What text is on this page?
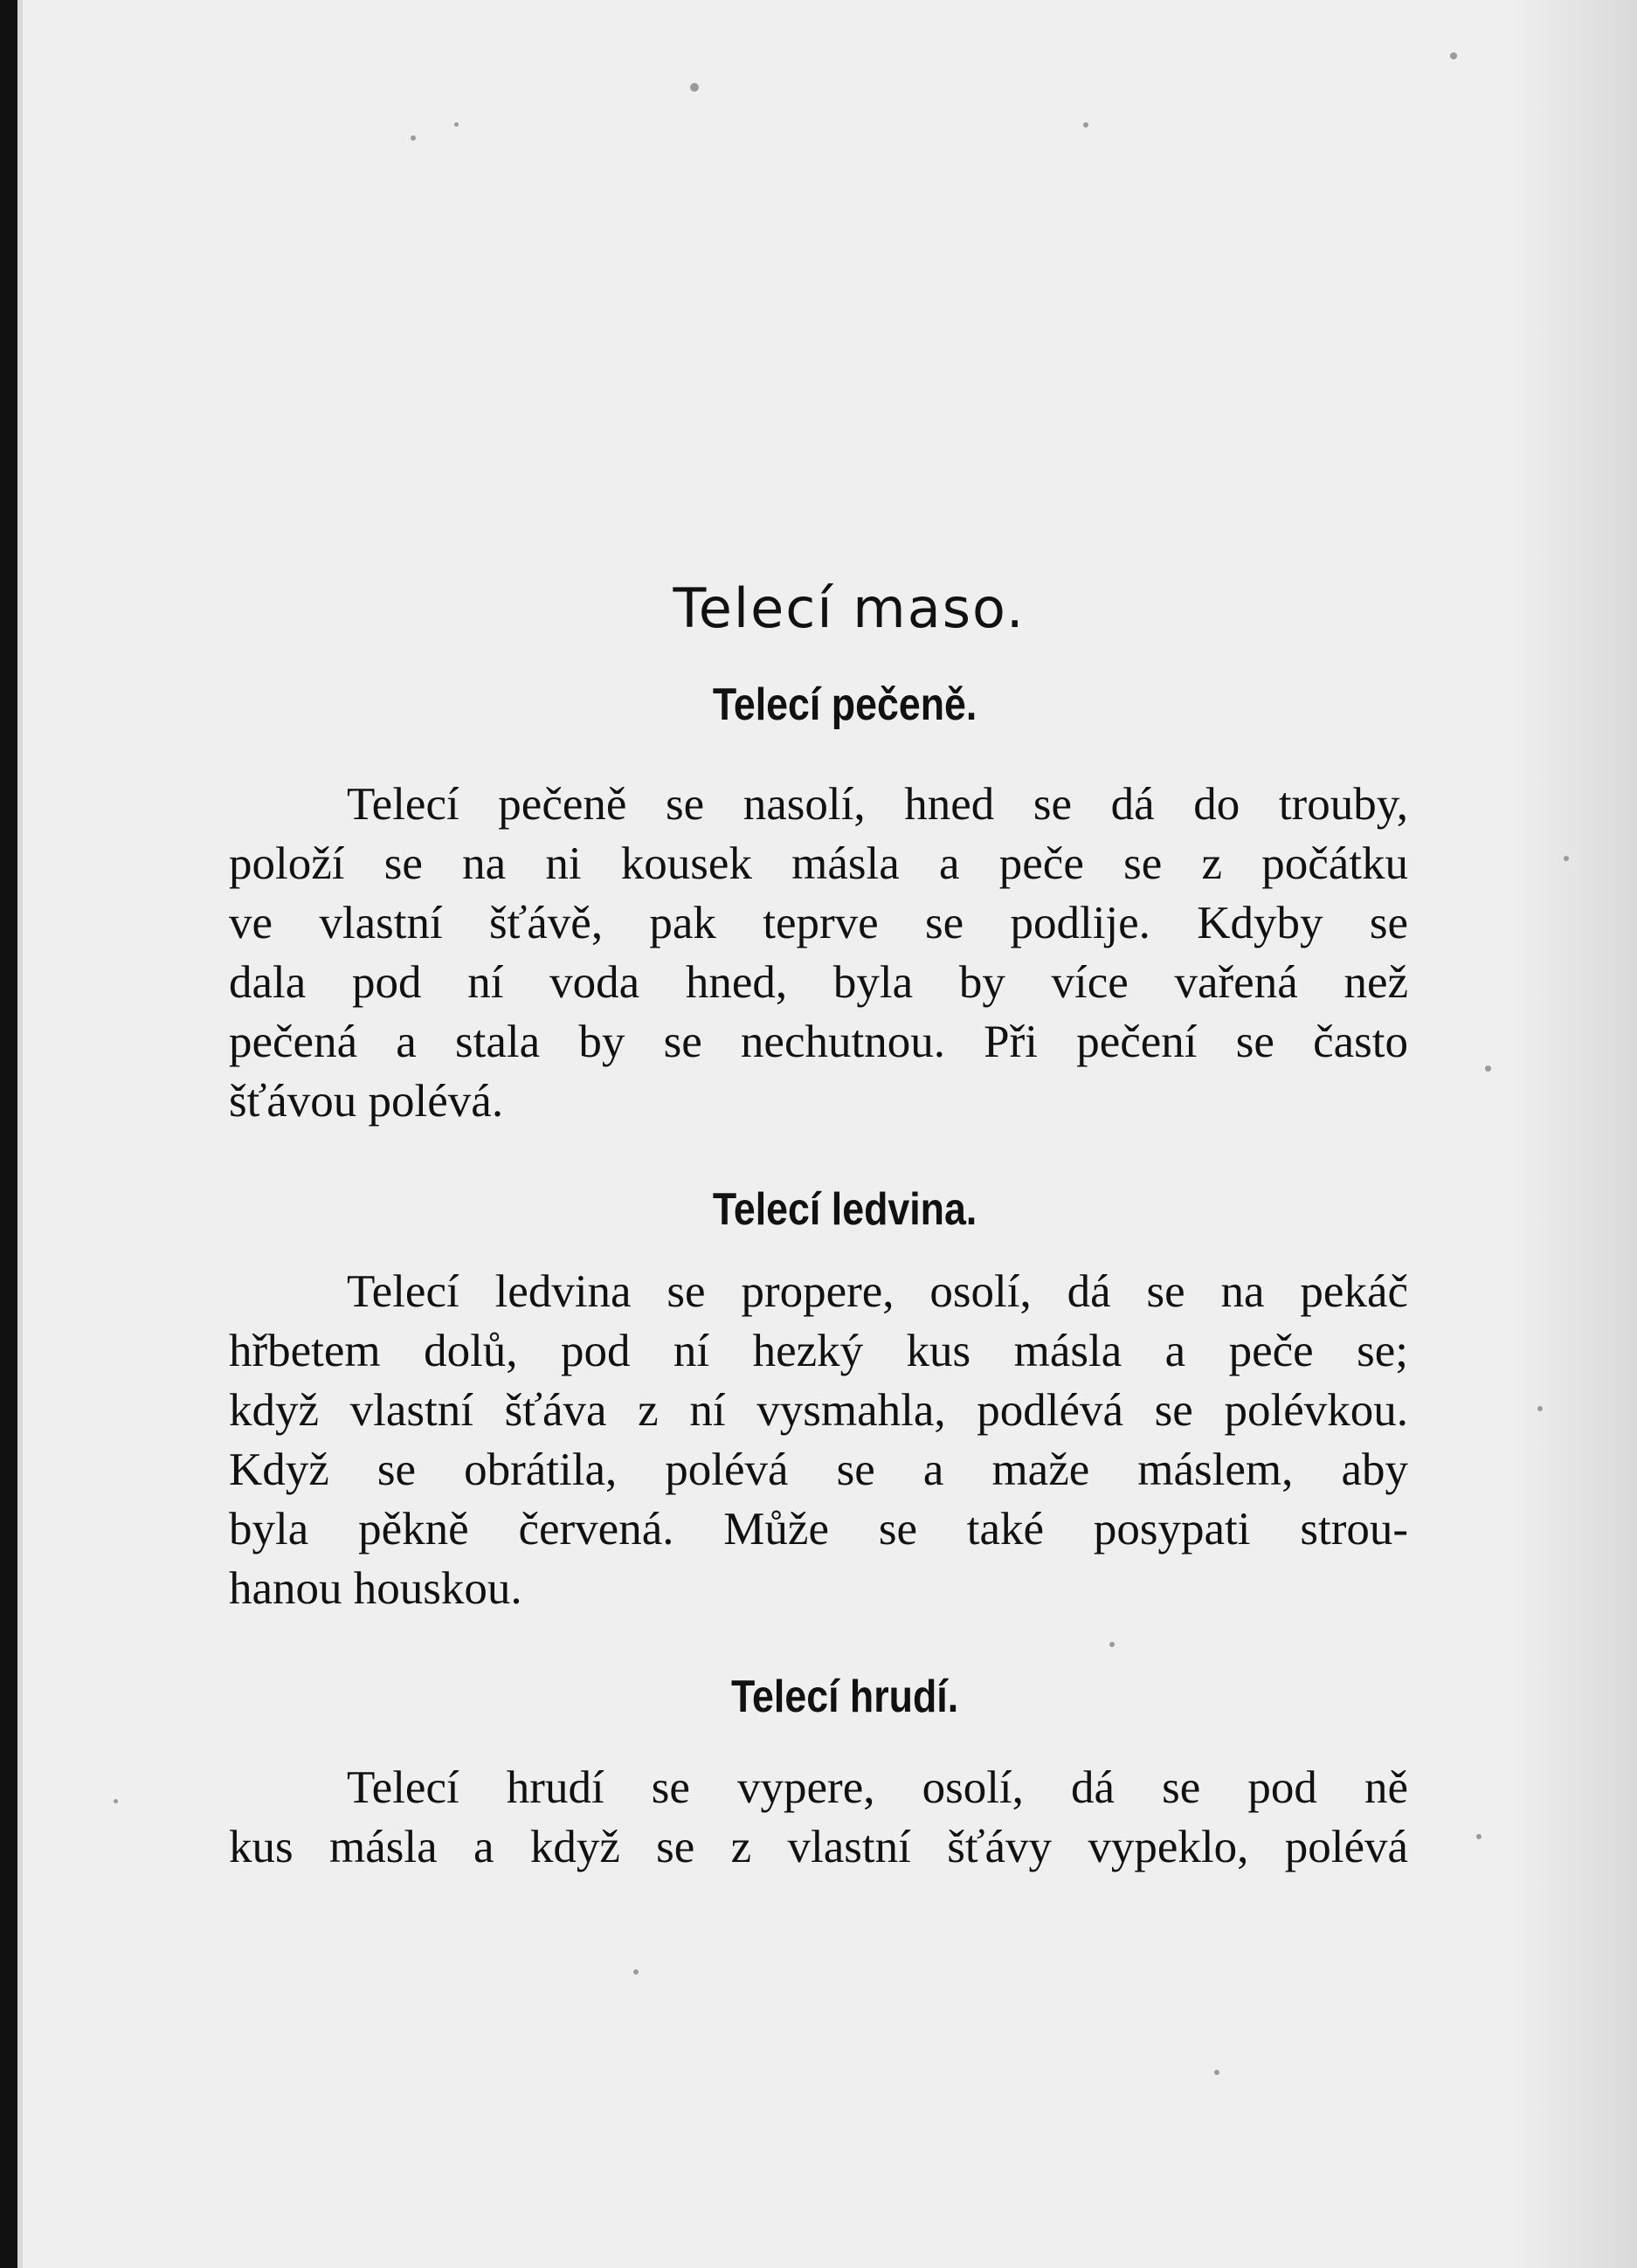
Telecí maso.
Telecí pečeně.

Telecí pečeně se nasolí, hned se dá do trouby,
položí se na ni kousek másla a peče se z počátku
ve vlastní šťávě, pak teprve se podlije. Kdyby se
dala pod ní voda hned, byla by více vařená než
pečená a stala by se nechutnou. Při pečení se často
šťávou polévá.

Telecí ledvina.

Telecí ledvina se propere, osolí, dá se na pekáč
hřbetem dolů, pod ní hezký kus másla a peče se;
když vlastní šťáva z ní vysmahla, podlévá se polévkou.
Když se obrátila, polévá se a maže máslem, aby
byla pěkně červená. Může se také posypati strou-
hanou houskou.

Telecí hrudí.

Telecí hrudí se vypere, osolí, dá se pod ně
kus másla a když se z vlastní šťávy vypeklo, polévá
